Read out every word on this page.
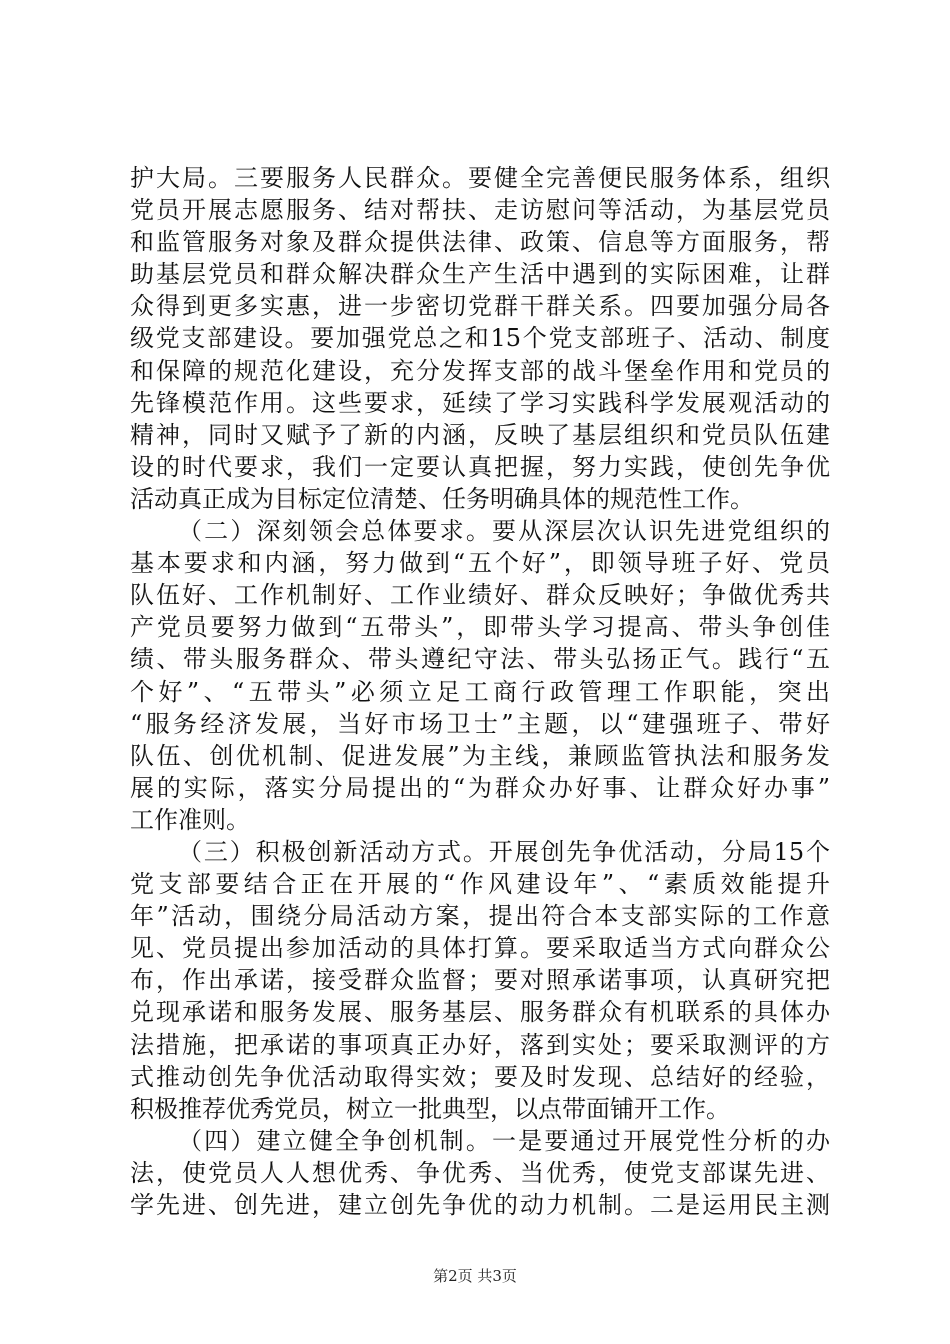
护大局。三要服务人民群众。要健全完善便民服务体系，组织
党员开展志愿服务、结对帮扶、走访慰问等活动，为基层党员
和监管服务对象及群众提供法律、政策、信息等方面服务，帮
助基层党员和群众解决群众生产生活中遇到的实际困难，让群
众得到更多实惠，进一步密切党群干群关系。四要加强分局各
级党支部建设。要加强党总之和15个党支部班子、活动、制度
和保障的规范化建设，充分发挥支部的战斗堡垒作用和党员的
先锋模范作用。这些要求，延续了学习实践科学发展观活动的
精神，同时又赋予了新的内涵，反映了基层组织和党员队伍建
设的时代要求，我们一定要认真把握，努力实践，使创先争优
活动真正成为目标定位清楚、任务明确具体的规范性工作。
（二）深刻领会总体要求。要从深层次认识先进党组织的
基本要求和内涵，努力做到“五个好”，即领导班子好、党员
队伍好、工作机制好、工作业绩好、群众反映好；争做优秀共
产党员要努力做到“五带头”，即带头学习提高、带头争创佳
绩、带头服务群众、带头遵纪守法、带头弘扬正气。践行“五
个好”、“五带头”必须立足工商行政管理工作职能，突出
“服务经济发展，当好市场卫士”主题，以“建强班子、带好
队伍、创优机制、促进发展”为主线，兼顾监管执法和服务发
展的实际，落实分局提出的“为群众办好事、让群众好办事”
工作准则。
（三）积极创新活动方式。开展创先争优活动，分局15个
党支部要结合正在开展的“作风建设年”、“素质效能提升
年”活动，围绕分局活动方案，提出符合本支部实际的工作意
见、党员提出参加活动的具体打算。要采取适当方式向群众公
布，作出承诺，接受群众监督；要对照承诺事项，认真研究把
兑现承诺和服务发展、服务基层、服务群众有机联系的具体办
法措施，把承诺的事项真正办好，落到实处；要采取测评的方
式推动创先争优活动取得实效；要及时发现、总结好的经验，
积极推荐优秀党员，树立一批典型，以点带面铺开工作。
（四）建立健全争创机制。一是要通过开展党性分析的办
法，使党员人人想优秀、争优秀、当优秀，使党支部谋先进、
学先进、创先进，建立创先争优的动力机制。二是运用民主测
第2页 共3页
